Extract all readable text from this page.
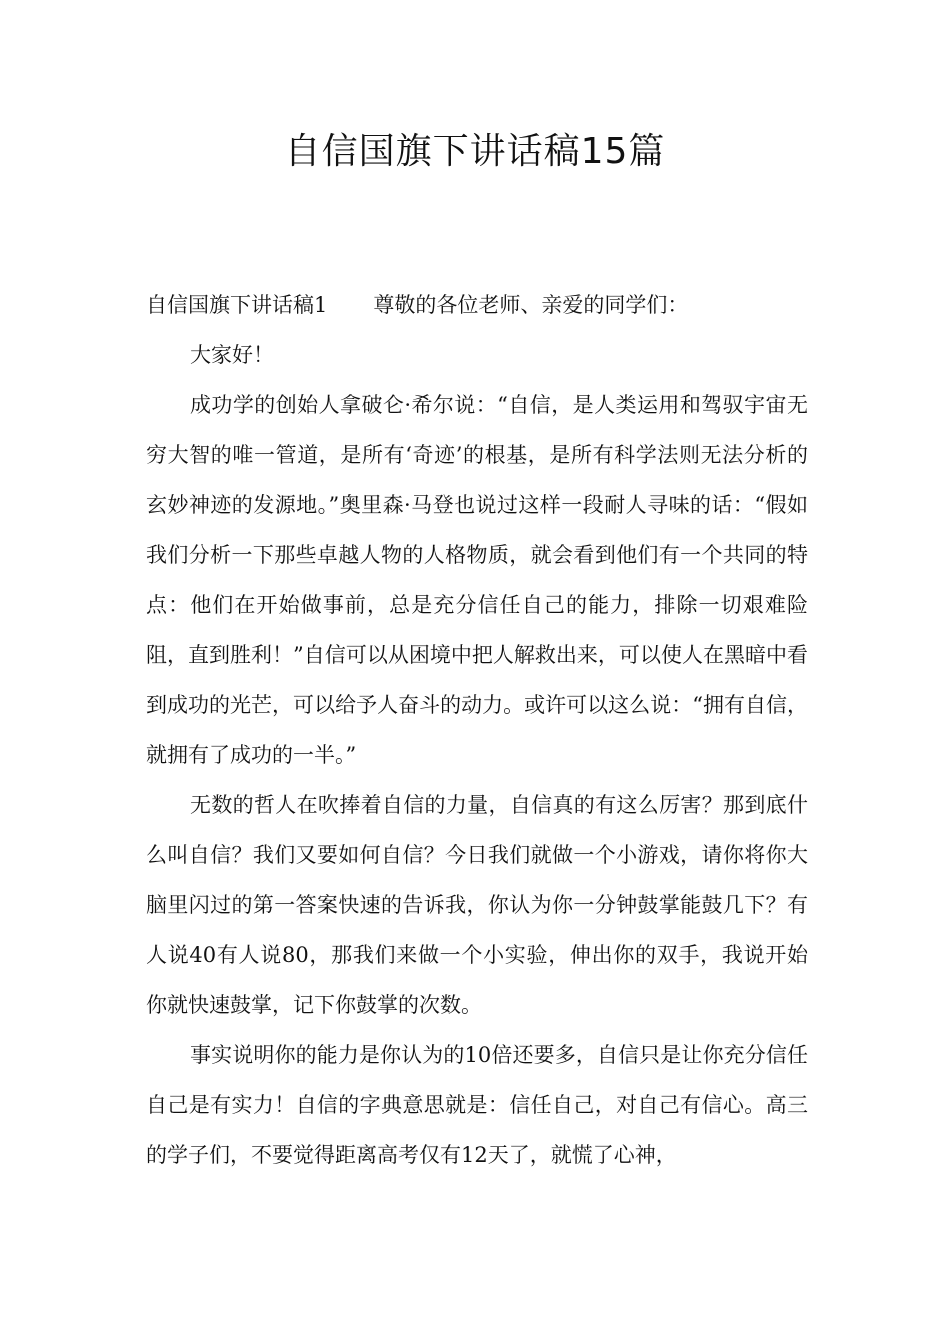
自信国旗下讲话稿15篇

自信国旗下讲话稿1 尊敬的各位老师、亲爱的同学们：

大家好！

成功学的创始人拿破仑·希尔说：“自信，是人类运用和驾驭宇宙无穷大智的唯一管道，是所有‘奇迹’的根基，是所有科学法则无法分析的玄妙神迹的发源地。”奥里森·马登也说过这样一段耐人寻味的话：“假如我们分析一下那些卓越人物的人格物质，就会看到他们有一个共同的特点：他们在开始做事前，总是充分信任自己的能力，排除一切艰难险阻，直到胜利！”自信可以从困境中把人解救出来，可以使人在黑暗中看到成功的光芒，可以给予人奋斗的动力。或许可以这么说：“拥有自信，就拥有了成功的一半。”

无数的哲人在吹捧着自信的力量，自信真的有这么厉害？那到底什么叫自信？我们又要如何自信？今日我们就做一个小游戏，请你将你大脑里闪过的第一答案快速的告诉我，你认为你一分钟鼓掌能鼓几下？有人说40有人说80，那我们来做一个小实验，伸出你的双手，我说开始你就快速鼓掌，记下你鼓掌的次数。

事实说明你的能力是你认为的10倍还要多，自信只是让你充分信任自己是有实力！自信的字典意思就是：信任自己，对自己有信心。高三的学子们，不要觉得距离高考仅有12天了，就慌了心神，
